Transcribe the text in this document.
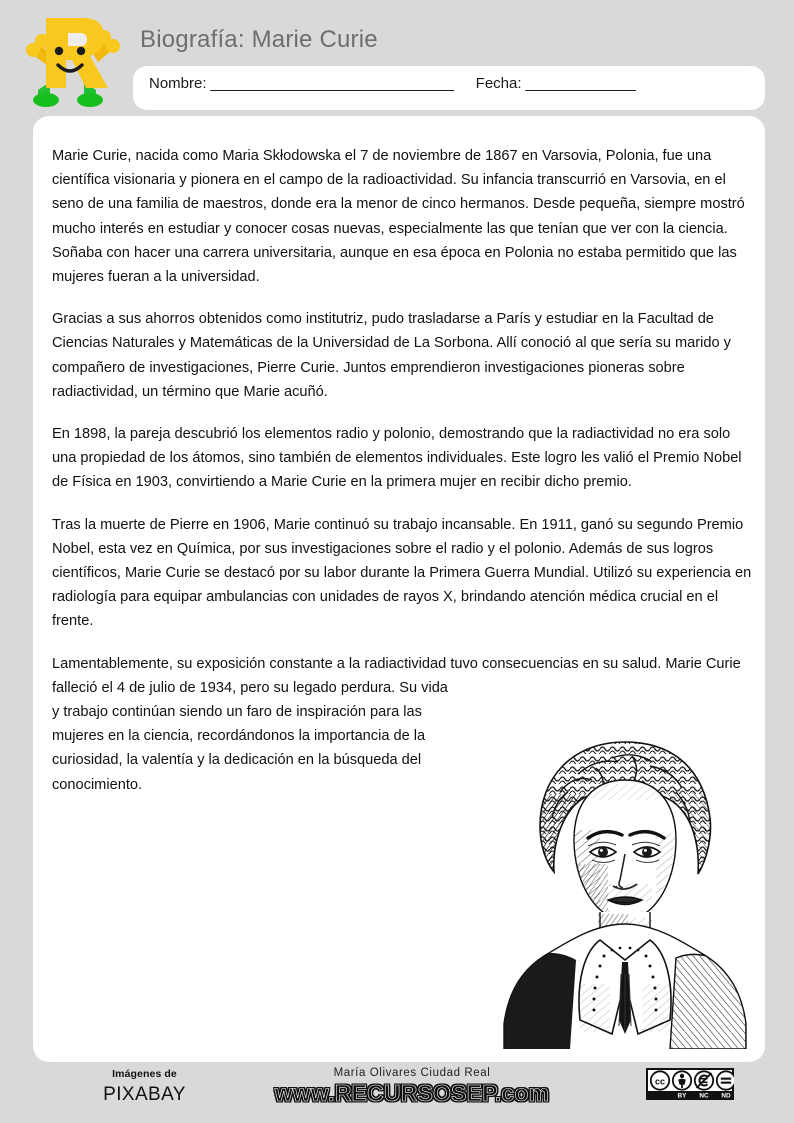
Biografía: Marie Curie
Nombre: _______________________________ Fecha: ______________

Marie Curie, nacida como Maria Skłodowska el 7 de noviembre de 1867 en Varsovia, Polonia, fue una científica visionaria y pionera en el campo de la radioactividad. Su infancia transcurrió en Varsovia, en el seno de una familia de maestros, donde era la menor de cinco hermanos. Desde pequeña, siempre mostró mucho interés en estudiar y conocer cosas nuevas, especialmente las que tenían que ver con la ciencia. Soñaba con hacer una carrera universitaria, aunque en esa época en Polonia no estaba permitido que las mujeres fueran a la universidad.

Gracias a sus ahorros obtenidos como institutriz, pudo trasladarse a París y estudiar en la Facultad de Ciencias Naturales y Matemáticas de la Universidad de La Sorbona. Allí conoció al que sería su marido y compañero de investigaciones, Pierre Curie. Juntos emprendieron investigaciones pioneras sobre radiactividad, un término que Marie acuñó.

En 1898, la pareja descubrió los elementos radio y polonio, demostrando que la radiactividad no era solo una propiedad de los átomos, sino también de elementos individuales. Este logro les valió el Premio Nobel de Física en 1903, convirtiendo a Marie Curie en la primera mujer en recibir dicho premio.

Tras la muerte de Pierre en 1906, Marie continuó su trabajo incansable. En 1911, ganó su segundo Premio Nobel, esta vez en Química, por sus investigaciones sobre el radio y el polonio. Además de sus logros científicos, Marie Curie se destacó por su labor durante la Primera Guerra Mundial. Utilizó su experiencia en radiología para equipar ambulancias con unidades de rayos X, brindando atención médica crucial en el frente.

Lamentablemente, su exposición constante a la radiactividad tuvo consecuencias en su salud. Marie Curie falleció el 4 de julio de 1934, pero su legado perdura. Su vida y trabajo continúan siendo un faro de inspiración para las mujeres en la ciencia, recordándonos la importancia de la curiosidad, la valentía y la dedicación en la búsqueda del conocimiento.

Imágenes de
PIXABAY
María Olivares Ciudad Real
www.RECURSOSEP.com	cc
BY NC ND
